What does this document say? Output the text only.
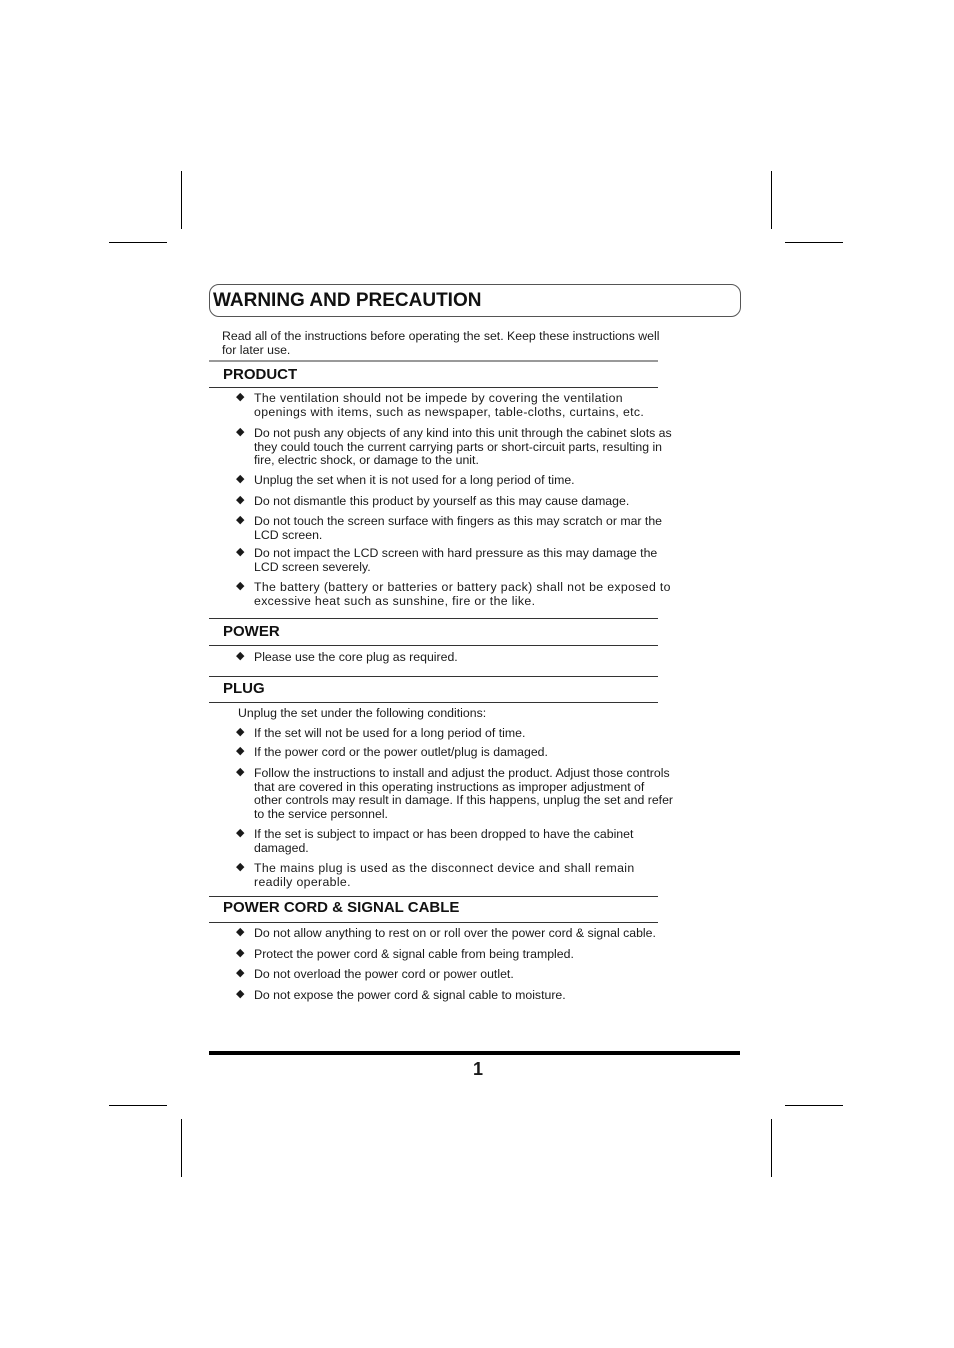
WARNING AND PRECAUTION
Read all of the instructions before operating the set. Keep these instructions well for later use.
PRODUCT
◆ The ventilation should not be impede by covering the ventilation openings with items, such as newspaper, table-cloths, curtains, etc.
◆ Do not push any objects of any kind into this unit through the cabinet slots as they could touch the current carrying parts or short-circuit parts, resulting in fire, electric shock, or damage to the unit.
◆ Unplug the set when it is not used for a long period of time.
◆ Do not dismantle this product by yourself as this may cause damage.
◆ Do not touch the screen surface with fingers as this may scratch or mar the LCD screen.
◆ Do not impact the LCD screen with hard pressure as this may damage the LCD screen severely.
◆ The battery (battery or batteries or battery pack) shall not be exposed to excessive heat such as sunshine, fire or the like.
POWER
◆ Please use the core plug as required.
PLUG
Unplug the set under the following conditions:
◆ If the set will not be used for a long period of time.
◆ If the power cord or the power outlet/plug is damaged.
◆ Follow the instructions to install and adjust the product. Adjust those controls that are covered in this operating instructions as improper adjustment of other controls may result in damage. If this happens, unplug the set and refer to the service personnel.
◆ If the set is subject to impact or has been dropped to have the cabinet damaged.
◆ The mains plug is used as the disconnect device and shall remain readily operable.
POWER CORD & SIGNAL CABLE
◆ Do not allow anything to rest on or roll over the power cord & signal cable.
◆ Protect the power cord & signal cable from being trampled.
◆ Do not overload the power cord or power outlet.
◆ Do not expose the power cord & signal cable to moisture.
1
